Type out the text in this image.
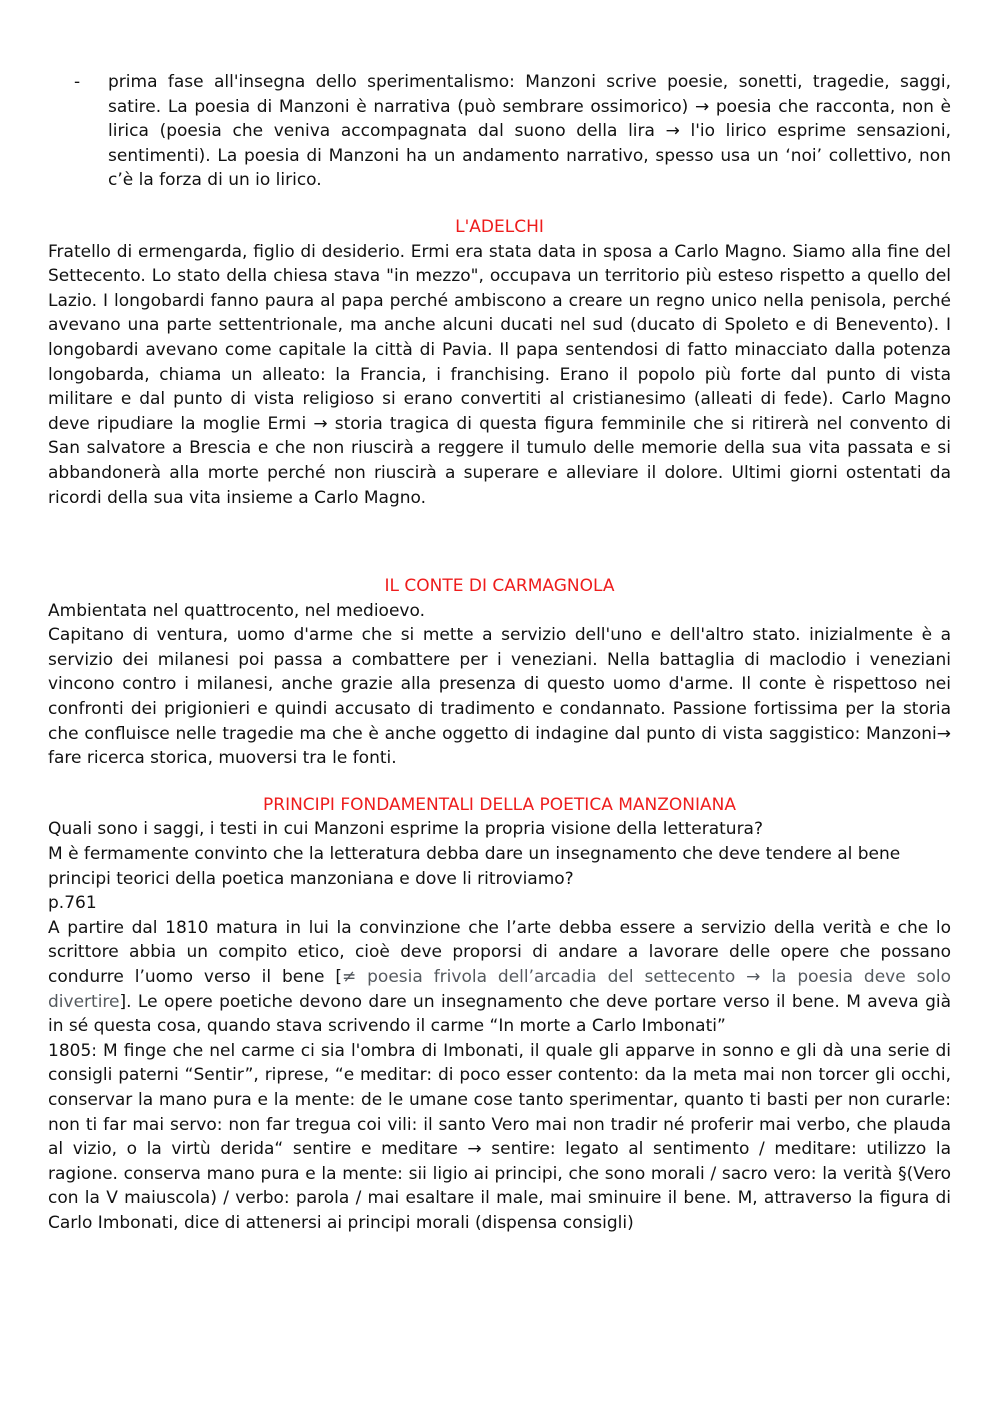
-	prima fase all'insegna dello sperimentalismo: Manzoni scrive poesie, sonetti, tragedie, saggi, satire. La poesia di Manzoni è narrativa (può sembrare ossimorico) → poesia che racconta, non è lirica (poesia che veniva accompagnata dal suono della lira → l'io lirico esprime sensazioni, sentimenti). La poesia di Manzoni ha un andamento narrativo, spesso usa un ‘noi’ collettivo, non c’è la forza di un io lirico.
L'ADELCHI

Fratello di ermengarda, figlio di desiderio. Ermi era stata data in sposa a Carlo Magno. Siamo alla fine del Settecento. Lo stato della chiesa stava "in mezzo", occupava un territorio più esteso rispetto a quello del Lazio. I longobardi fanno paura al papa perché ambiscono a creare un regno unico nella penisola, perché avevano una parte settentrionale, ma anche alcuni ducati nel sud (ducato di Spoleto e di Benevento). I longobardi avevano come capitale la città di Pavia. Il papa sentendosi di fatto minacciato dalla potenza longobarda, chiama un alleato: la Francia, i franchising. Erano il popolo più forte dal punto di vista militare e dal punto di vista religioso si erano convertiti al cristianesimo (alleati di fede). Carlo Magno deve ripudiare la moglie Ermi → storia tragica di questa figura femminile che si ritirerà nel convento di San salvatore a Brescia e che non riuscirà a reggere il tumulo delle memorie della sua vita passata e si abbandonerà alla morte perché non riuscirà a superare e alleviare il dolore. Ultimi giorni ostentati da ricordi della sua vita insieme a Carlo Magno.

IL CONTE DI CARMAGNOLA

Ambientata nel quattrocento, nel medioevo.

Capitano di ventura, uomo d'arme che si mette a servizio dell'uno e dell'altro stato. inizialmente è a servizio dei milanesi poi passa a combattere per i veneziani. Nella battaglia di maclodio i veneziani vincono contro i milanesi, anche grazie alla presenza di questo uomo d'arme. Il conte è rispettoso nei confronti dei prigionieri e quindi accusato di tradimento e condannato. Passione fortissima per la storia che confluisce nelle tragedie ma che è anche oggetto di indagine dal punto di vista saggistico: Manzoni→ fare ricerca storica, muoversi tra le fonti.

PRINCIPI FONDAMENTALI DELLA POETICA MANZONIANA

Quali sono i saggi, i testi in cui Manzoni esprime la propria visione della letteratura?

M è fermamente convinto che la letteratura debba dare un insegnamento che deve tendere al bene

principi teorici della poetica manzoniana e dove li ritroviamo?

p.761

A partire dal 1810 matura in lui la convinzione che l’arte debba essere a servizio della verità e che lo scrittore abbia un compito etico, cioè deve proporsi di andare a lavorare delle opere che possano condurre l’uomo verso il bene [≠ poesia frivola dell’arcadia del settecento → la poesia deve solo divertire]. Le opere poetiche devono dare un insegnamento che deve portare verso il bene. M aveva già in sé questa cosa, quando stava scrivendo il carme “In morte a Carlo Imbonati”

1805: M finge che nel carme ci sia l'ombra di Imbonati, il quale gli apparve in sonno e gli dà una serie di consigli paterni “Sentir”, riprese, “e meditar: di poco esser contento: da la meta mai non torcer gli occhi, conservar la mano pura e la mente: de le umane cose tanto sperimentar, quanto ti basti per non curarle: non ti far mai servo: non far tregua coi vili: il santo Vero mai non tradir né proferir mai verbo, che plauda al vizio, o la virtù derida“ sentire e meditare → sentire: legato al sentimento / meditare: utilizzo la ragione. conserva mano pura e la mente: sii ligio ai principi, che sono morali / sacro vero: la verità §(Vero con la V maiuscola) / verbo: parola / mai esaltare il male, mai sminuire il bene. M, attraverso la figura di Carlo Imbonati, dice di attenersi ai principi morali (dispensa consigli)
